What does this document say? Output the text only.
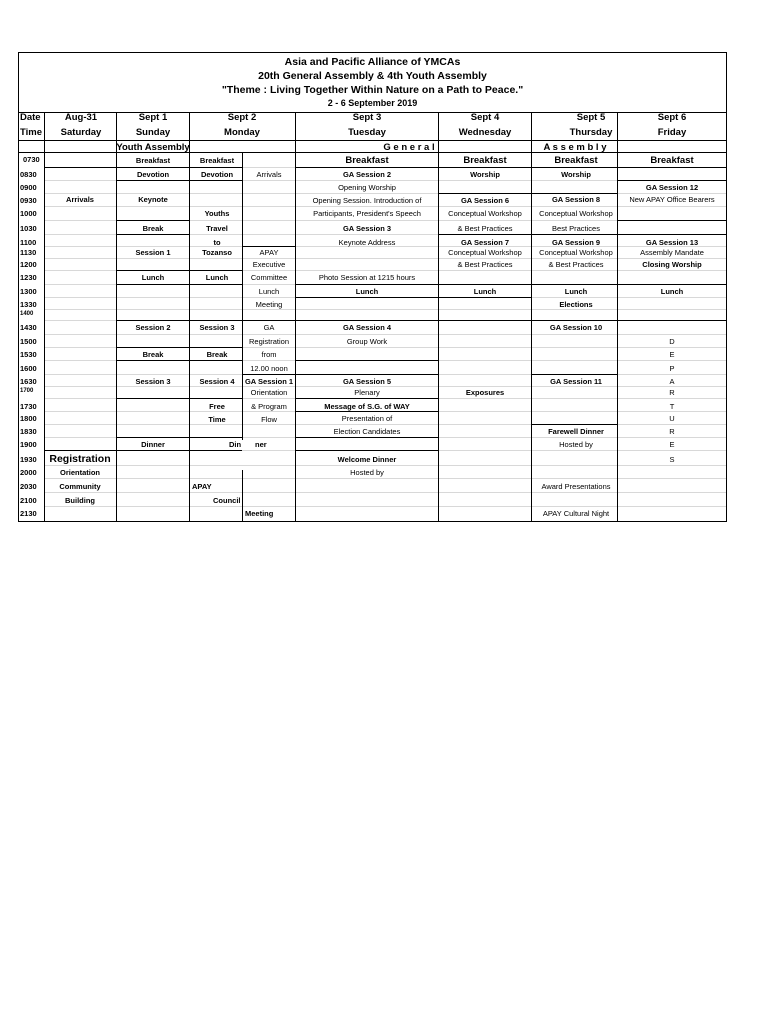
Asia and Pacific Alliance of YMCAs
20th General Assembly & 4th Youth Assembly
"Theme : Living Together Within Nature on a Path to Peace."
2 - 6 September 2019
Date
Time
Aug-31
Saturday
Sept 1
Sunday
Sept 2
Monday
Sept 3
Tuesday
Sept 4
Wednesday
Sept 5
Thursday
Sept 6
Friday
Youth Assembly	G e n e r a l	A s s e m b l y
0730
0830
0900
0930
1000
1030
1100
1130
1200
1230
1300
1330
1400
1430
1500
1530
1600
1630
1700
1730
1800
1830
1900
1930
2000
2030
2100
2130
Arrivals
Registration
Orientation
Community
Building
Breakfast
Devotion
Keynote
Break
Session 1
Lunch
Session 2
Break
Session 3
Dinner
Breakfast
Devotion
Youths
Travel
to
Tozanso
Lunch
Session 3
Break
Session 4
Free
Time
Din
APAY
Arrivals
APAY
Executive
Committee
Lunch
Meeting
GA
Registration
from
12.00 noon
GA Session 1
Orientation
& Program
Flow
ner
Council
Meeting
Breakfast
GA Session 2
Opening Worship
Opening Session. Introduction of
Participants, President's Speech
GA Session 3
Keynote Address
Photo Session at 1215 hours
Lunch
GA Session 4
Group Work
GA Session 5
Plenary
Message of S.G. of WAY
Presentation of
Election Candidates
Welcome Dinner
Hosted by
Breakfast
Worship
GA Session 6
Conceptual Workshop
& Best Practices
GA Session 7
Conceptual Workshop
& Best Practices
Lunch
Exposures
Breakfast
Worship
GA Session 8
Conceptual Workshop
Best Practices
GA Session 9
Conceptual Workshop
& Best Practices
Lunch
Elections
GA Session 10
GA Session 11
Farewell Dinner
Hosted by
Award Presentations
APAY Cultural Night
Breakfast
GA Session 12
New APAY Office Bearers
GA Session 13
Assembly Mandate
Closing Worship
Lunch
D
E
P
A
R
T
U
R
E
S
